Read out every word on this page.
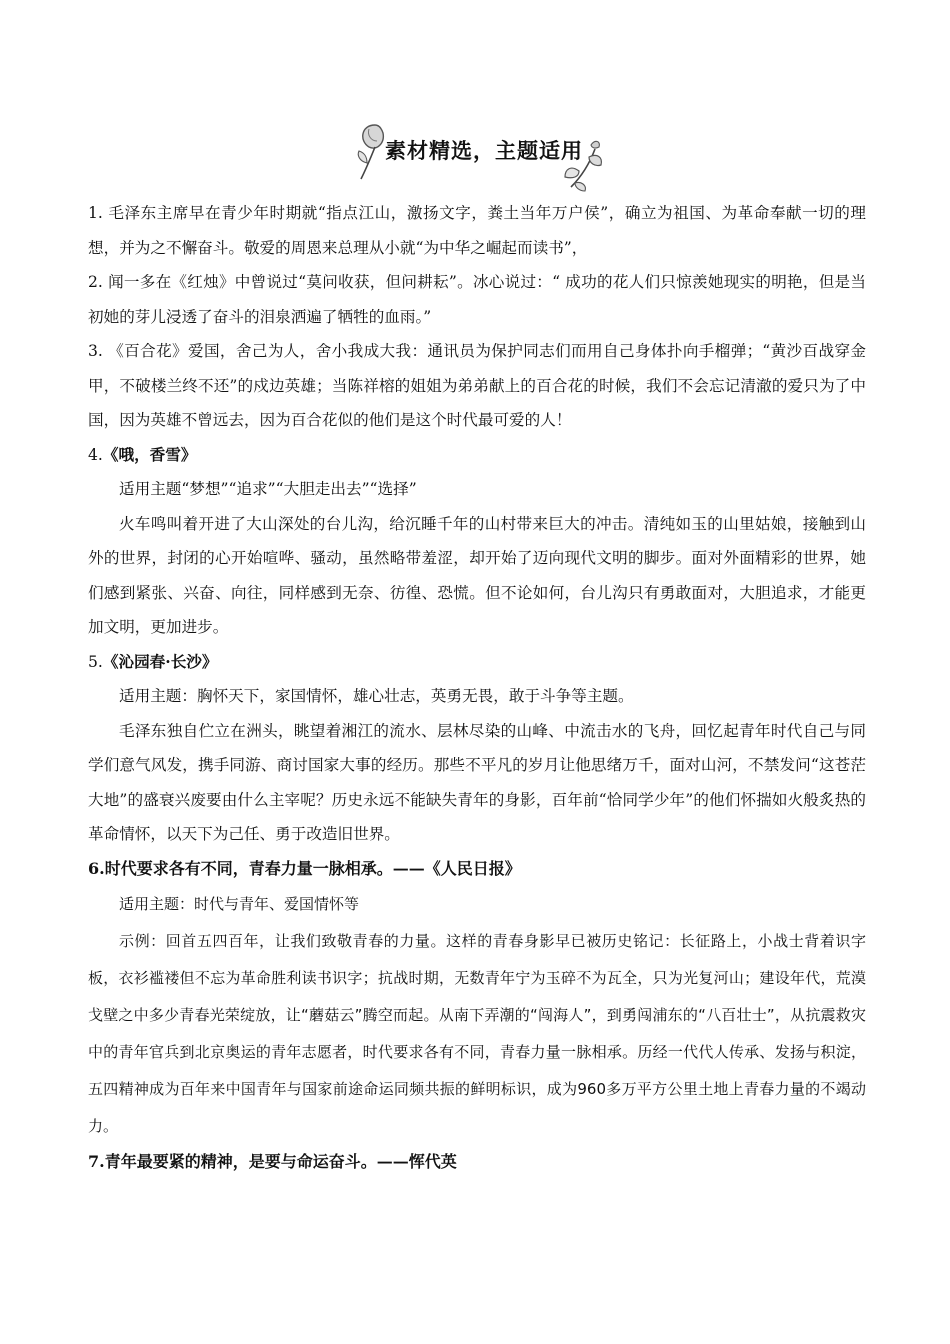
素材精选，主题适用

1. 毛泽东主席早在青少年时期就“指点江山，激扬文字，粪土当年万户侯”，确立为祖国、为革命奉献一切的理想，并为之不懈奋斗。敬爱的周恩来总理从小就“为中华之崛起而读书”，

2. 闻一多在《红烛》中曾说过“莫问收获，但问耕耘”。冰心说过：“ 成功的花人们只惊羡她现实的明艳，但是当初她的芽儿浸透了奋斗的泪泉洒遍了牺牲的血雨。”

3. 《百合花》爱国，舍己为人，舍小我成大我：通讯员为保护同志们而用自己身体扑向手榴弹；“黄沙百战穿金甲，不破楼兰终不还”的戍边英雄；当陈祥榕的姐姐为弟弟献上的百合花的时候，我们不会忘记清澈的爱只为了中国，因为英雄不曾远去，因为百合花似的他们是这个时代最可爱的人！

4.《哦，香雪》

适用主题“梦想”“追求”“大胆走出去”“选择”

火车鸣叫着开进了大山深处的台儿沟，给沉睡千年的山村带来巨大的冲击。清纯如玉的山里姑娘，接触到山外的世界，封闭的心开始喧哗、骚动，虽然略带羞涩，却开始了迈向现代文明的脚步。面对外面精彩的世界，她们感到紧张、兴奋、向往，同样感到无奈、彷徨、恐慌。但不论如何，台儿沟只有勇敢面对，大胆追求，才能更加文明，更加进步。

5.《沁园春·长沙》

适用主题：胸怀天下，家国情怀，雄心壮志，英勇无畏，敢于斗争等主题。

毛泽东独自伫立在洲头，眺望着湘江的流水、层林尽染的山峰、中流击水的飞舟，回忆起青年时代自己与同学们意气风发，携手同游、商讨国家大事的经历。那些不平凡的岁月让他思绪万千，面对山河，不禁发问“这苍茫大地”的盛衰兴废要由什么主宰呢？历史永远不能缺失青年的身影，百年前“恰同学少年”的他们怀揣如火般炙热的革命情怀，以天下为己任、勇于改造旧世界。

6.时代要求各有不同，青春力量一脉相承。——《人民日报》

适用主题：时代与青年、爱国情怀等

示例：回首五四百年，让我们致敬青春的力量。这样的青春身影早已被历史铭记：长征路上，小战士背着识字板，衣衫褴褛但不忘为革命胜利读书识字；抗战时期，无数青年宁为玉碎不为瓦全，只为光复河山；建设年代，荒漠戈壁之中多少青春光荣绽放，让“蘑菇云”腾空而起。从南下弄潮的“闯海人”，到勇闯浦东的“八百壮士”，从抗震救灾中的青年官兵到北京奥运的青年志愿者，时代要求各有不同，青春力量一脉相承。历经一代代人传承、发扬与积淀，五四精神成为百年来中国青年与国家前途命运同频共振的鲜明标识，成为960多万平方公里土地上青春力量的不竭动力。

7.青年最要紧的精神，是要与命运奋斗。——恽代英
